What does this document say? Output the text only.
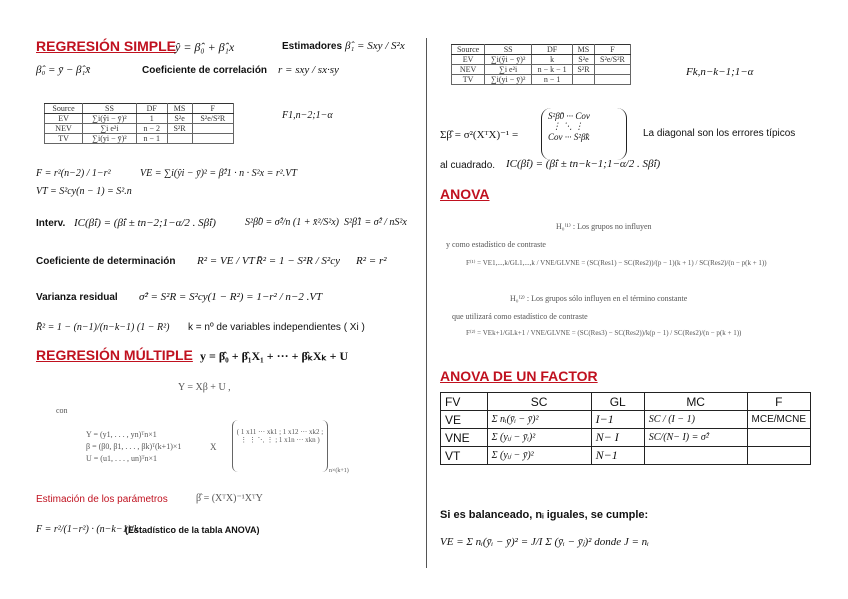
REGRESIÓN SIMPLE
ŷ = β̂₀ + β̂₁x	Estimadores β̂₁ = Sxy / S²x
β̂₀ = ȳ − β̂₁x̄	Coeficiente de correlación r = sxy / sx·sy
Source	SS	DF	MS	F
EV	∑i(ŷi − ȳ)²	1	S²e	S²e/S²R
NEV	∑i e²i	n − 2	S²R	
TV	∑i(yi − ȳ)²	n − 1		
F1,n−2;1−α
F = r²(n−2) / 1−r²	VE = ∑i(ŷi − ȳ)² = β̂²1 · n · S²x = r².VT
VT = S²cy(n − 1) = S².n
Interv. IC(β̂i) = (β̂i ± tn−2;1−α/2 . Sβ̂i)	S²β̂0 = σ̂²/n (1 + x̄²/S²x) S²β̂1 = σ̂² / nS²x
Coeficiente de determinación R² = VE / VT R̄² = 1 − S²R / S²cy R² = r²
Varianza residual σ̂² = S²R = S²cy(1 − R²) = 1−r² / n−2 .VT
R̄² = 1 − (n−1)/(n−k−1) (1 − R²) k = nº de variables independientes ( Xi )
REGRESIÓN MÚLTIPLE y = β̂₀ + β̂₁X₁ + ··· + β̂ₖXₖ + U
Y = Xβ + U ,
con
Y = (y1, . . . , yn)ᵀn×1
β = (β0, β1, . . . , βk)ᵀ(k+1)×1
U = (u1, . . . , un)ᵀn×1
X
( 1 x11 ··· xk1 ; 1 x12 ··· xk2 ; ⋮ ⋮ ⋱ ⋮ ; 1 x1n ··· xkn )
n×(k+1)
Estimación de los parámetros	β̂ = (XᵀX)⁻¹XᵀY
F = r²/(1−r²) · (n−k−1)/k
(Estadístico de la tabla ANOVA)
Source	SS	DF	MS	F
EV	∑i(ŷi − ȳ)²	k	S²e	S²e/S²R
NEV	∑i e²i	n − k − 1	S²R	
TV	∑i(yi − ȳ)²	n − 1		
Fk,n−k−1;1−α
Σβ̂ = σ²(XᵀX)⁻¹ =
S²β̂0 ··· Cov
⋮ ⋱ ⋮
Cov ··· S²β̂k	La diagonal son los errores típicos
al cuadrado. IC(β̂i) = (β̂i ± tn−k−1;1−α/2 . Sβ̂i)
ANOVA
H₀⁽¹⁾ : Los grupos no influyen
y como estadístico de contraste
F⁽¹⁾ = VE1,...,k/GL1,...,k / VNE/GLVNE = (SC(Res1) − SC(Res2))/(p − 1)(k + 1) / SC(Res2)/(n − p(k + 1))
H₀⁽²⁾ : Los grupos sólo influyen en el término constante
que utilizará como estadístico de contraste
F⁽²⁾ = VEk+1/GLk+1 / VNE/GLVNE = (SC(Res3) − SC(Res2))/k(p − 1) / SC(Res2)/(n − p(k + 1))
ANOVA DE UN FACTOR
FV	SC	GL	MC	F
VE	Σ nᵢ(ȳᵢ − ȳ)²	I−1	SC / (I − 1)	MCE/MCNE
VNE	Σ (yᵢⱼ − ȳᵢ)²	N− I	SC/(N− I) = σ̂²	
VT	Σ (yᵢⱼ − ȳ)²	N−1		
Si es balanceado, nᵢ iguales, se cumple:
VE = Σ nᵢ(ȳᵢ − ȳ)² = J/I Σ (ȳᵢ − ȳⱼ)² donde J = nᵢ
